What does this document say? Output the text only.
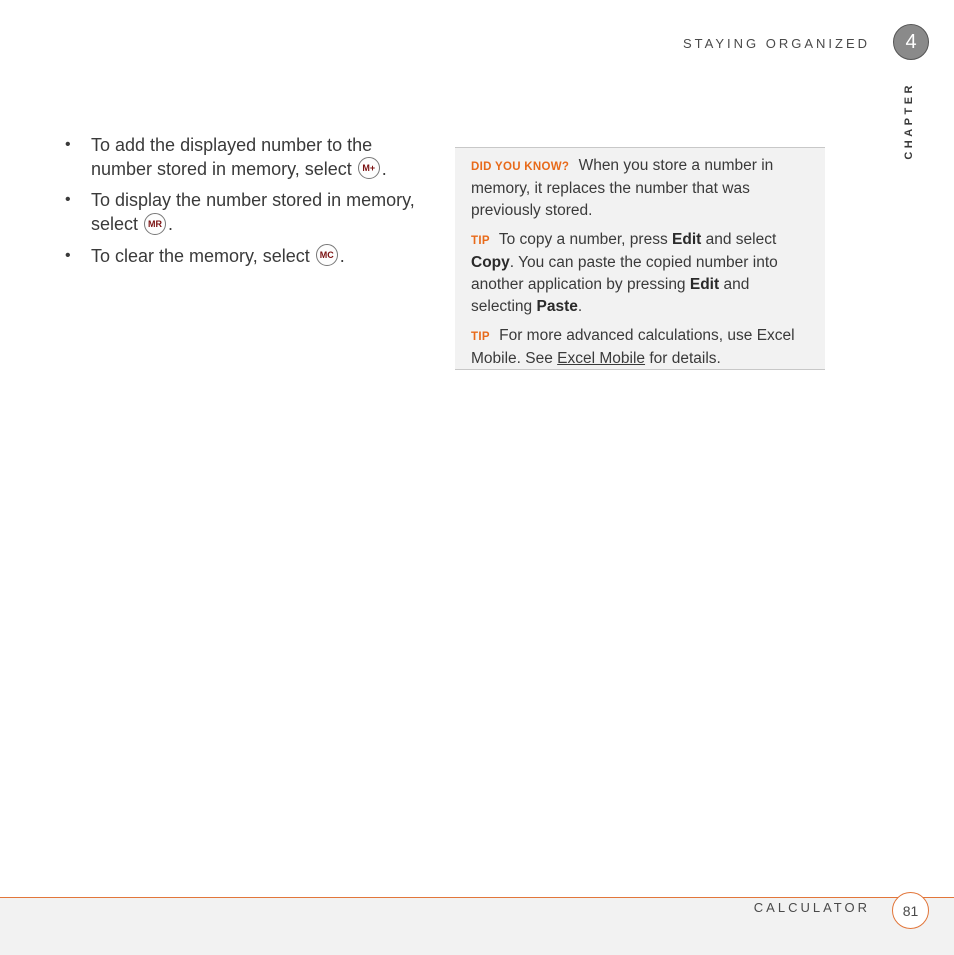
STAYING ORGANIZED	4
CHAPTER
• To add the displayed number to the number stored in memory, select M+ .
• To display the number stored in memory, select MR .
• To clear the memory, select MC .

DID YOU KNOW? When you store a number in memory, it replaces the number that was previously stored.

TIP To copy a number, press Edit and select Copy. You can paste the copied number into another application by pressing Edit and selecting Paste.

TIP For more advanced calculations, use Excel Mobile. See Excel Mobile for details.

CALCULATOR	81
